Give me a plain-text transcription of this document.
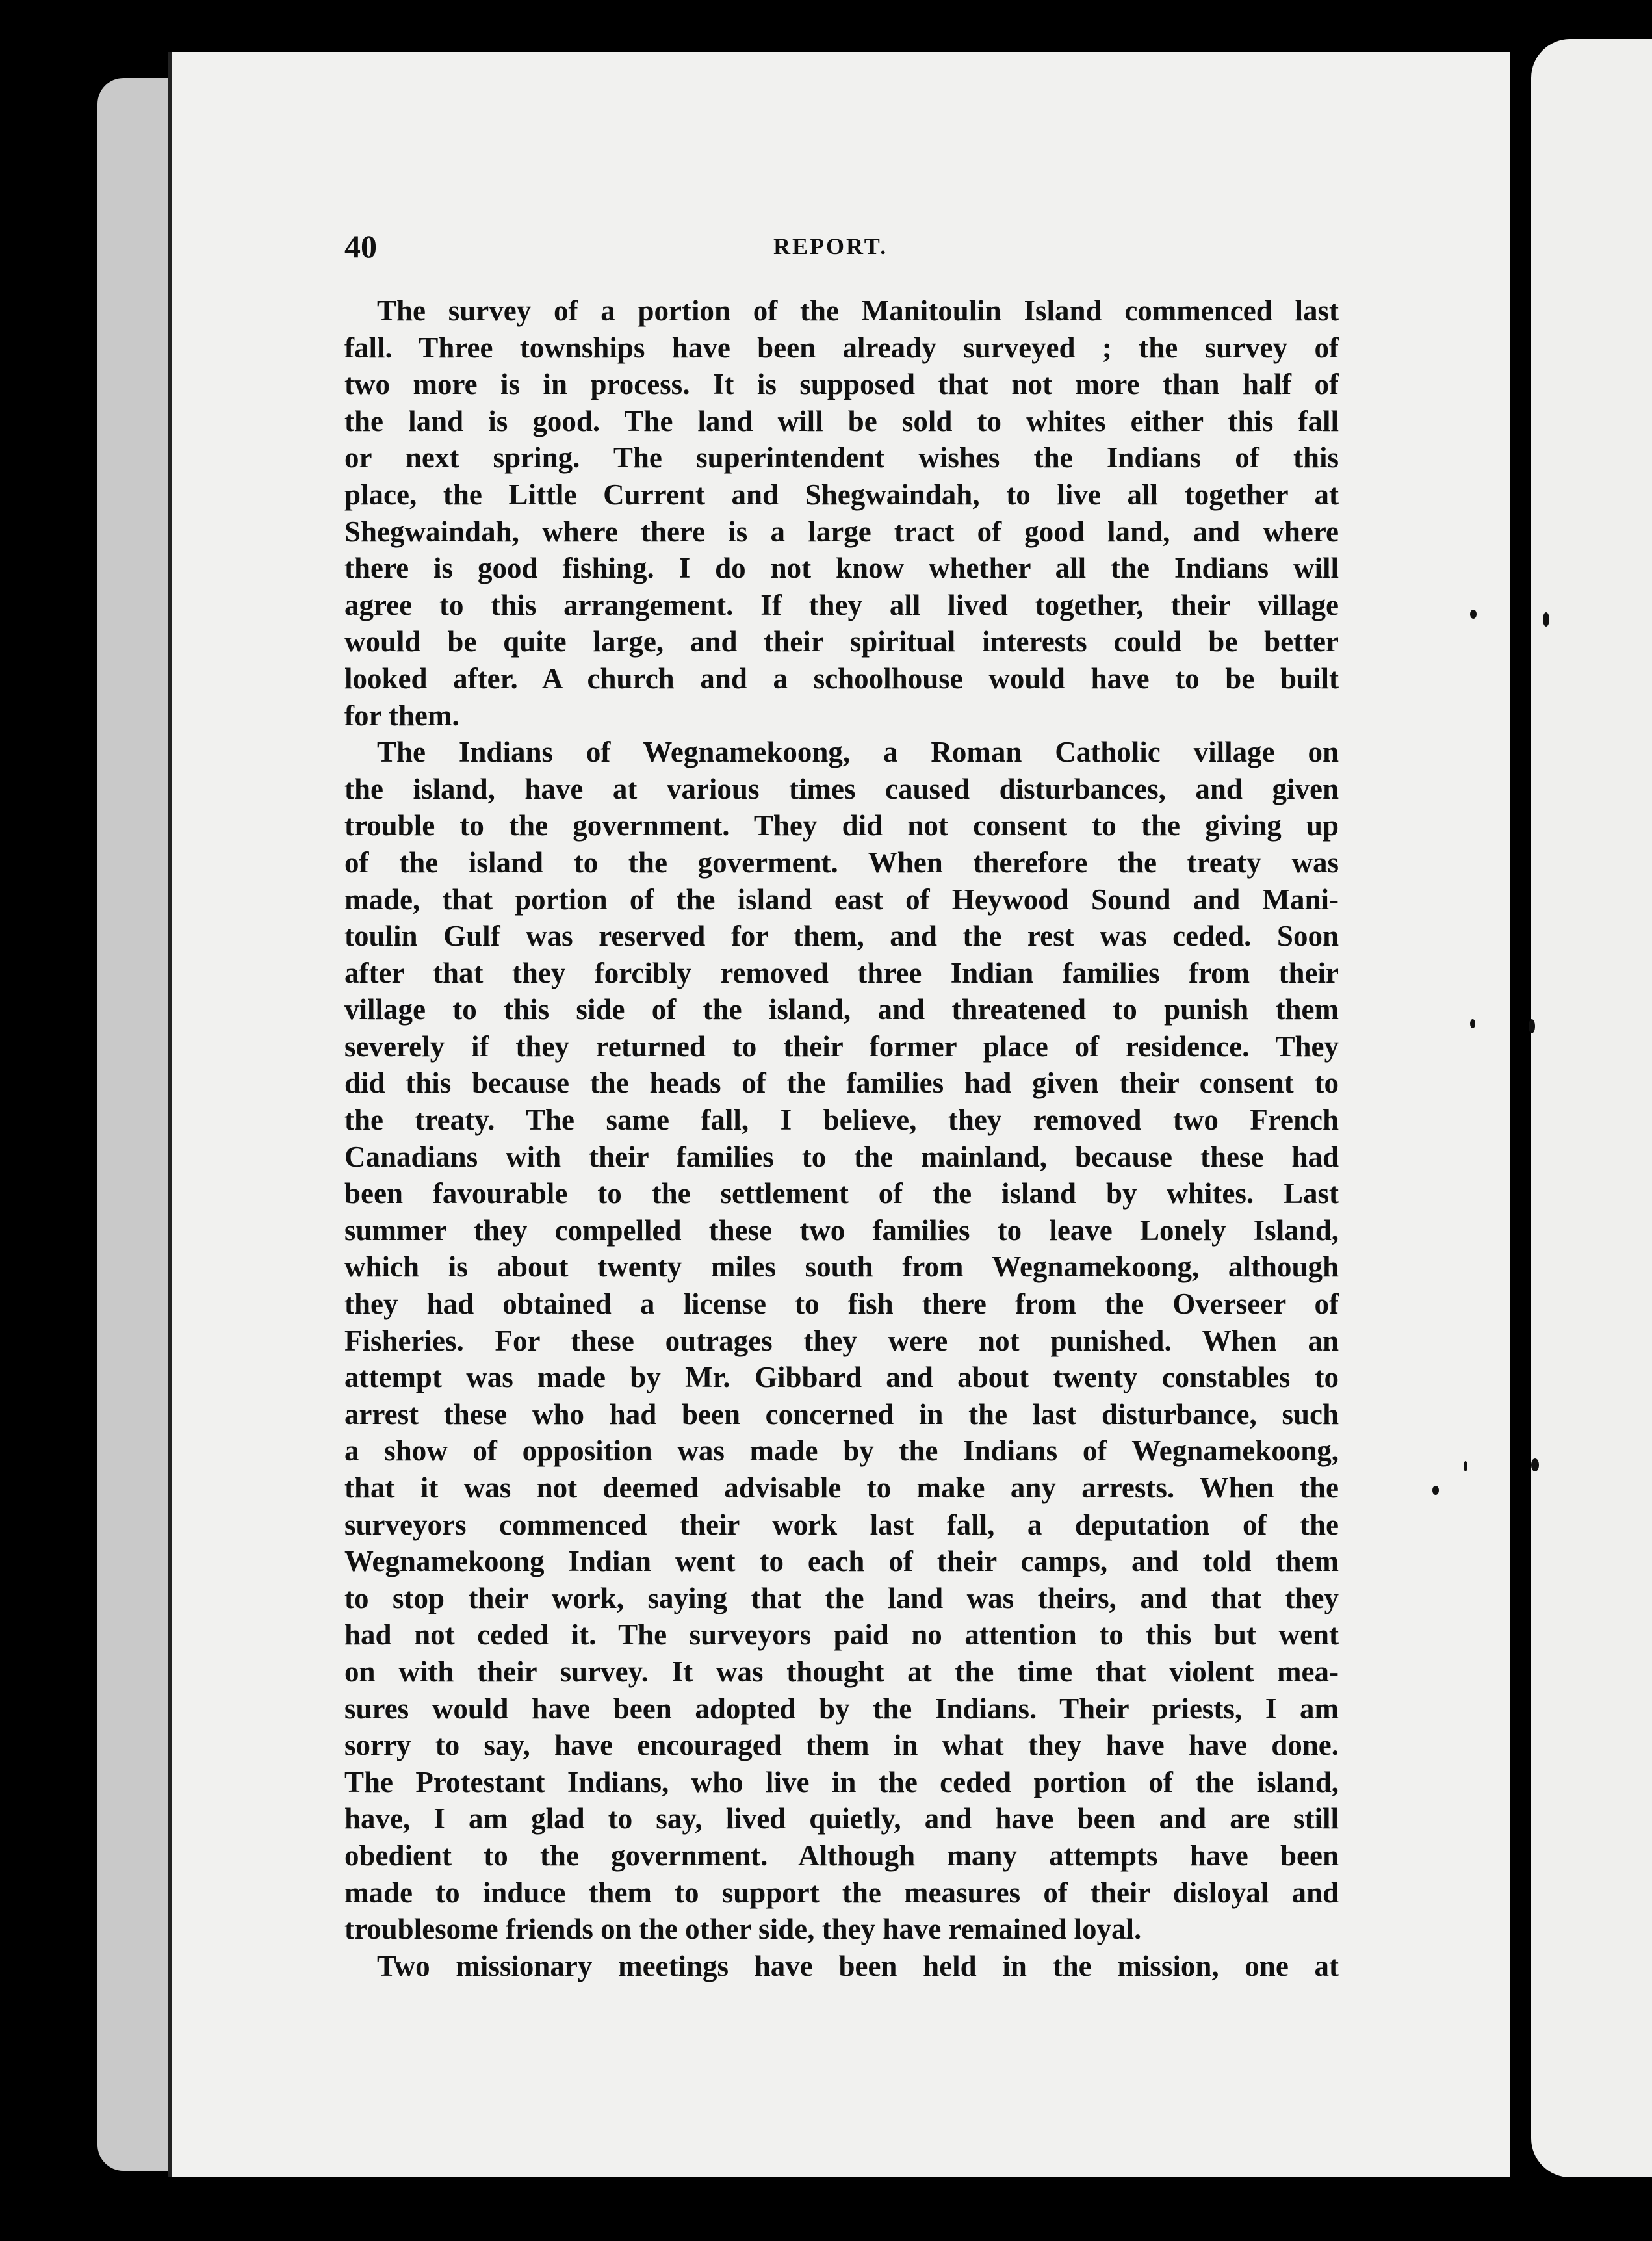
40	REPORT.
The survey of a portion of the Manitoulin Island commenced last
fall. Three townships have been already surveyed ; the survey of
two more is in process. It is supposed that not more than half of
the land is good. The land will be sold to whites either this fall
or next spring. The superintendent wishes the Indians of this
place, the Little Current and Shegwaindah, to live all together at
Shegwaindah, where there is a large tract of good land, and where
there is good fishing. I do not know whether all the Indians will
agree to this arrangement. If they all lived together, their village
would be quite large, and their spiritual interests could be better
looked after. A church and a schoolhouse would have to be built
for them.
The Indians of Wegnamekoong, a Roman Catholic village on
the island, have at various times caused disturbances, and given
trouble to the government. They did not consent to the giving up
of the island to the goverment. When therefore the treaty was
made, that portion of the island east of Heywood Sound and Mani-
toulin Gulf was reserved for them, and the rest was ceded. Soon
after that they forcibly removed three Indian families from their
village to this side of the island, and threatened to punish them
severely if they returned to their former place of residence. They
did this because the heads of the families had given their consent to
the treaty. The same fall, I believe, they removed two French
Canadians with their families to the mainland, because these had
been favourable to the settlement of the island by whites. Last
summer they compelled these two families to leave Lonely Island,
which is about twenty miles south from Wegnamekoong, although
they had obtained a license to fish there from the Overseer of
Fisheries. For these outrages they were not punished. When an
attempt was made by Mr. Gibbard and about twenty constables to
arrest these who had been concerned in the last disturbance, such
a show of opposition was made by the Indians of Wegnamekoong,
that it was not deemed advisable to make any arrests. When the
surveyors commenced their work last fall, a deputation of the
Wegnamekoong Indian went to each of their camps, and told them
to stop their work, saying that the land was theirs, and that they
had not ceded it. The surveyors paid no attention to this but went
on with their survey. It was thought at the time that violent mea-
sures would have been adopted by the Indians. Their priests, I am
sorry to say, have encouraged them in what they have have done.
The Protestant Indians, who live in the ceded portion of the island,
have, I am glad to say, lived quietly, and have been and are still
obedient to the government. Although many attempts have been
made to induce them to support the measures of their disloyal and
troublesome friends on the other side, they have remained loyal.
Two missionary meetings have been held in the mission, one at
